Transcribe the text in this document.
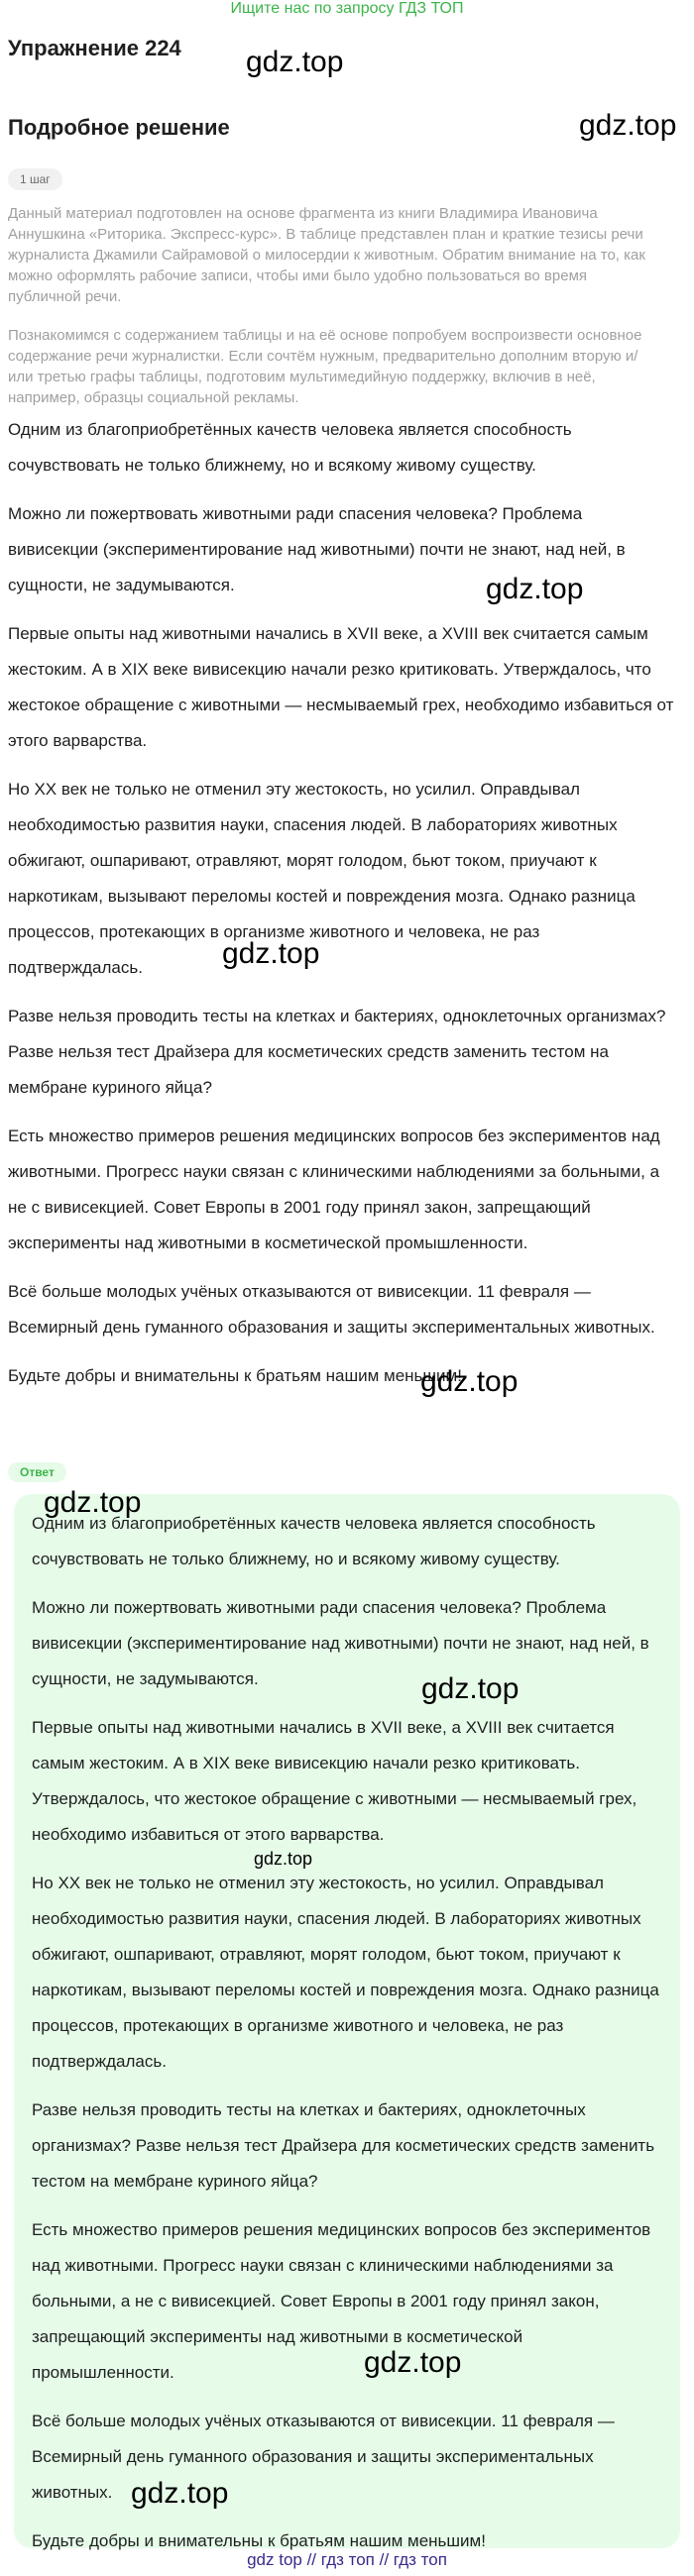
Ищите нас по запросу ГДЗ ТОП
Упражнение 224 gdz.top
Подробное решение	gdz.top
1 шаг

Данный материал подготовлен на основе фрагмента из книги Владимира Ивановича Аннушкина «Риторика. Экспресс-курс». В таблице представлен план и краткие тезисы речи журналиста Джамили Сайрамовой о милосердии к животным. Обратим внимание на то, как можно оформлять рабочие записи, чтобы ими было удобно пользоваться во время публичной речи.

Познакомимся с содержанием таблицы и на её основе попробуем воспроизвести основное содержание речи журналистки. Если сочтём нужным, предварительно дополним вторую и/или третью графы таблицы, подготовим мультимедийную поддержку, включив в неё, например, образцы социальной рекламы.

Одним из благоприобретённых качеств человека является способность сочувствовать не только ближнему, но и всякому живому существу.

Можно ли пожертвовать животными ради спасения человека? Проблема вивисекции (экспериментирование над животными) почти не знают, над ней, в сущности, не задумываются.

Первые опыты над животными начались в XVII веке, а XVIII век считается самым жестоким. А в XIX веке вивисекцию начали резко критиковать. Утверждалось, что жестокое обращение с животными — несмываемый грех, необходимо избавиться от этого варварства.

Но XX век не только не отменил эту жестокость, но усилил. Оправдывал необходимостью развития науки, спасения людей. В лабораториях животных обжигают, ошпаривают, отравляют, морят голодом, бьют током, приучают к наркотикам, вызывают переломы костей и повреждения мозга. Однако разница процессов, протекающих в организме животного и человека, не раз подтверждалась.

Разве нельзя проводить тесты на клетках и бактериях, одноклеточных организмах? Разве нельзя тест Драйзера для косметических средств заменить тестом на мембране куриного яйца?

Есть множество примеров решения медицинских вопросов без экспериментов над животными. Прогресс науки связан с клиническими наблюдениями за больными, а не с вивисекцией. Совет Европы в 2001 году принял закон, запрещающий эксперименты над животными в косметической промышленности.

Всё больше молодых учёных отказываются от вивисекции. 11 февраля — Всемирный день гуманного образования и защиты экспериментальных животных.

Будьте добры и внимательны к братьям нашим меньшим!

gdz.top
gdz.top
gdz.top
Ответ

Одним из благоприобретённых качеств человека является способность сочувствовать не только ближнему, но и всякому живому существу.

Можно ли пожертвовать животными ради спасения человека? Проблема вивисекции (экспериментирование над животными) почти не знают, над ней, в сущности, не задумываются.

Первые опыты над животными начались в XVII веке, а XVIII век считается самым жестоким. А в XIX веке вивисекцию начали резко критиковать. Утверждалось, что жестокое обращение с животными — несмываемый грех, необходимо избавиться от этого варварства.

Но XX век не только не отменил эту жестокость, но усилил. Оправдывал необходимостью развития науки, спасения людей. В лабораториях животных обжигают, ошпаривают, отравляют, морят голодом, бьют током, приучают к наркотикам, вызывают переломы костей и повреждения мозга. Однако разница процессов, протекающих в организме животного и человека, не раз подтверждалась.

Разве нельзя проводить тесты на клетках и бактериях, одноклеточных организмах? Разве нельзя тест Драйзера для косметических средств заменить тестом на мембране куриного яйца?

Есть множество примеров решения медицинских вопросов без экспериментов над животными. Прогресс науки связан с клиническими наблюдениями за больными, а не с вивисекцией. Совет Европы в 2001 году принял закон, запрещающий эксперименты над животными в косметической промышленности.

Всё больше молодых учёных отказываются от вивисекции. 11 февраля — Всемирный день гуманного образования и защиты экспериментальных животных.

Будьте добры и внимательны к братьям нашим меньшим!

gdz.top
gdz.top
gdz.top
gdz.top
gdz.top
gdz top // гдз топ // гдз топ
